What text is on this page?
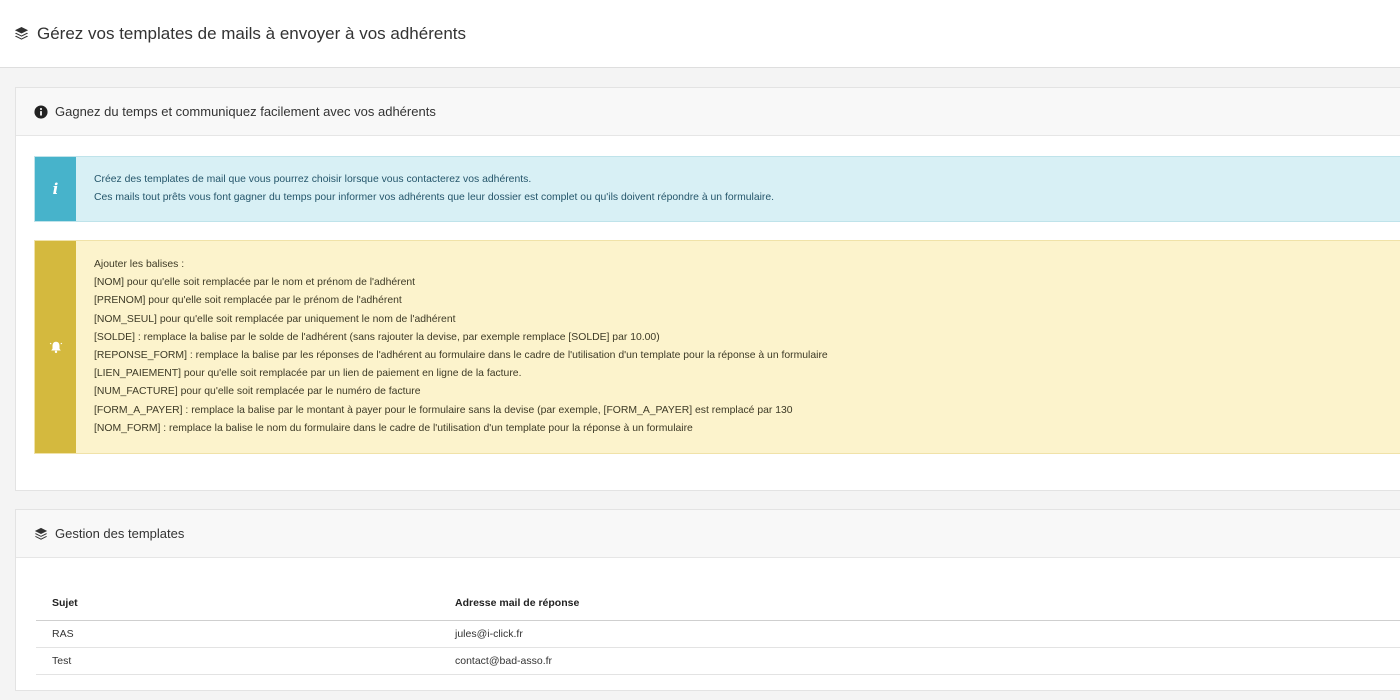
Gérez vos templates de mails à envoyer à vos adhérents
Gagnez du temps et communiquez facilement avec vos adhérents
i
Créez des templates de mail que vous pourrez choisir lorsque vous contacterez vos adhérents.
Ces mails tout prêts vous font gagner du temps pour informer vos adhérents que leur dossier est complet ou qu'ils doivent répondre à un formulaire.
Ajouter les balises :
[NOM] pour qu'elle soit remplacée par le nom et prénom de l'adhérent
[PRENOM] pour qu'elle soit remplacée par le prénom de l'adhérent
[NOM_SEUL] pour qu'elle soit remplacée par uniquement le nom de l'adhérent
[SOLDE] : remplace la balise par le solde de l'adhérent (sans rajouter la devise, par exemple remplace [SOLDE] par 10.00)
[REPONSE_FORM] : remplace la balise par les réponses de l'adhérent au formulaire dans le cadre de l'utilisation d'un template pour la réponse à un formulaire
[LIEN_PAIEMENT] pour qu'elle soit remplacée par un lien de paiement en ligne de la facture.
[NUM_FACTURE] pour qu'elle soit remplacée par le numéro de facture
[FORM_A_PAYER] : remplace la balise par le montant à payer pour le formulaire sans la devise (par exemple, [FORM_A_PAYER] est remplacé par 130
[NOM_FORM] : remplace la balise le nom du formulaire dans le cadre de l'utilisation d'un template pour la réponse à un formulaire
Gestion des templates
Sujet	Adresse mail de réponse
RAS	jules@i-click.fr
Test	contact@bad-asso.fr
